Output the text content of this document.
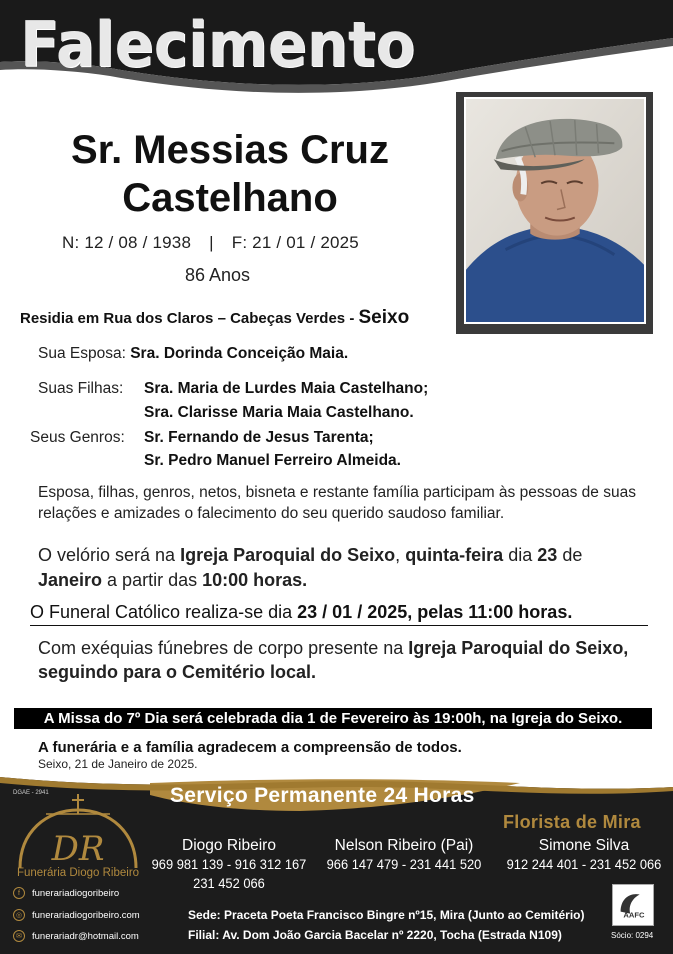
Falecimento
Sr. Messias Cruz
Castelhano
N: 12 / 08 / 1938 | F: 21 / 01 / 2025
86 Anos
Residia em Rua dos Claros – Cabeças Verdes - Seixo
Sua Esposa: Sra. Dorinda Conceição Maia.
Suas Filhas: Sra. Maria de Lurdes Maia Castelhano;
Sra. Clarisse Maria Maia Castelhano.
Seus Genros: Sr. Fernando de Jesus Tarenta;
Sr. Pedro Manuel Ferreiro Almeida.
Esposa, filhas, genros, netos, bisneta e restante família participam às pessoas de suas relações e amizades o falecimento do seu querido saudoso familiar.
O velório será na Igreja Paroquial do Seixo, quinta-feira dia 23 de Janeiro a partir das 10:00 horas.
O Funeral Católico realiza-se dia 23 / 01 / 2025, pelas 11:00 horas.
Com exéquias fúnebres de corpo presente na Igreja Paroquial do Seixo,
seguindo para o Cemitério local.
A Missa do 7º Dia será celebrada dia 1 de Fevereiro às 19:00h, na Igreja do Seixo.
A funerária e a família agradecem a compreensão de todos.
Seixo, 21 de Janeiro de 2025.
DGAE - 2941	Serviço Permanente 24 Horas
DR
Funerária Diogo Ribeiro
Diogo Ribeiro
969 981 139 - 916 312 167
231 452 066
Nelson Ribeiro (Pai)
966 147 479 - 231 441 520
Florista de Mira
Simone Silva
912 244 401 - 231 452 066
f	funerariadiogoribeiro
◎	funerariadiogoribeiro.com
✉	funerariadr@hotmail.com
Sede: Praceta Poeta Francisco Bingre nº15, Mira (Junto ao Cemitério)
Filial: Av. Dom João Garcia Bacelar nº 2220, Tocha (Estrada N109)
AAFC
Sócio: 0294
